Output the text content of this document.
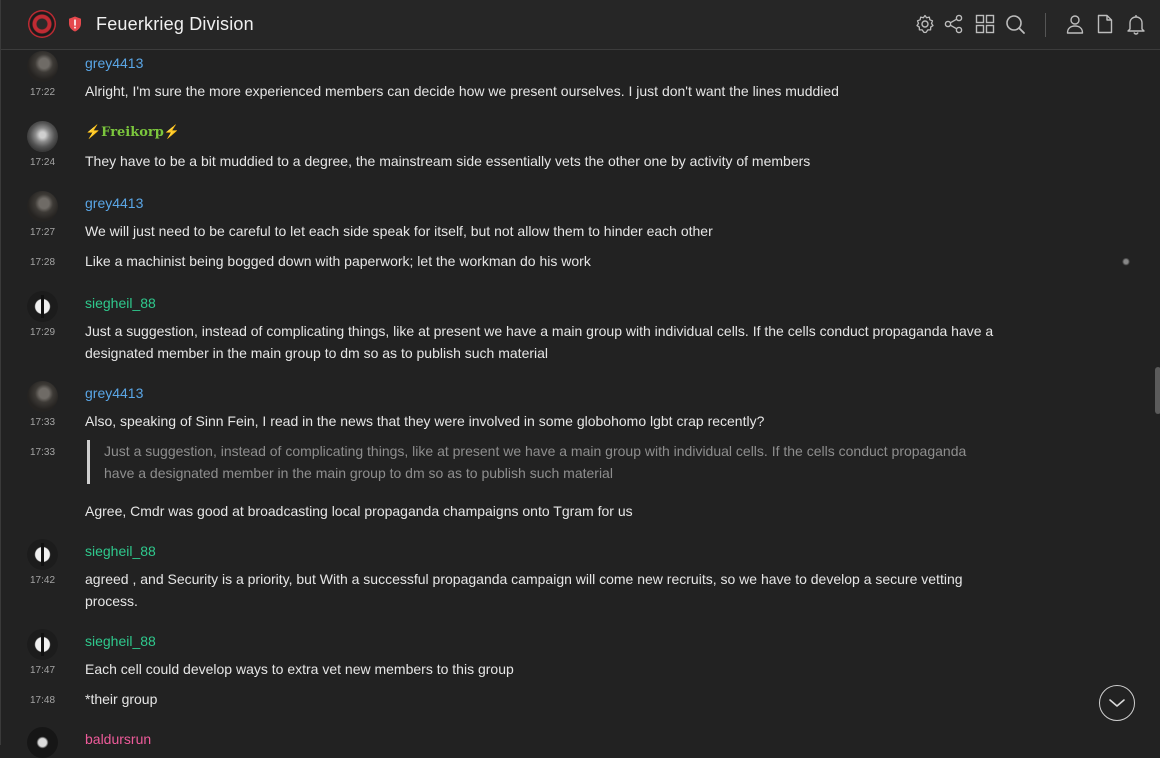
grey4413
17:22 Alright, I'm sure the more experienced members can decide how we present ourselves. I just don't want the lines muddied
⚡Freikorp⚡
17:24 They have to be a bit muddied to a degree, the mainstream side essentially vets the other one by activity of members
grey4413
17:27 We will just need to be careful to let each side speak for itself, but not allow them to hinder each other
17:28 Like a machinist being bogged down with paperwork; let the workman do his work
siegheil_88
17:29 Just a suggestion, instead of complicating things, like at present we have a main group with individual cells. If the cells conduct propaganda have a designated member in the main group to dm so as to publish such material
grey4413
17:33 Also, speaking of Sinn Fein, I read in the news that they were involved in some globohomo lgbt crap recently?
17:33	Just a suggestion, instead of complicating things, like at present we have a main group with individual cells. If the cells conduct propaganda have a designated member in the main group to dm so as to publish such material
Agree, Cmdr was good at broadcasting local propaganda champaigns onto Tgram for us
siegheil_88
17:42 agreed , and Security is a priority, but With a successful propaganda campaign will come new recruits, so we have to develop a secure vetting process.
siegheil_88
17:47 Each cell could develop ways to extra vet new members to this group
17:48 *their group
baldursrun
Feuerkrieg Division
